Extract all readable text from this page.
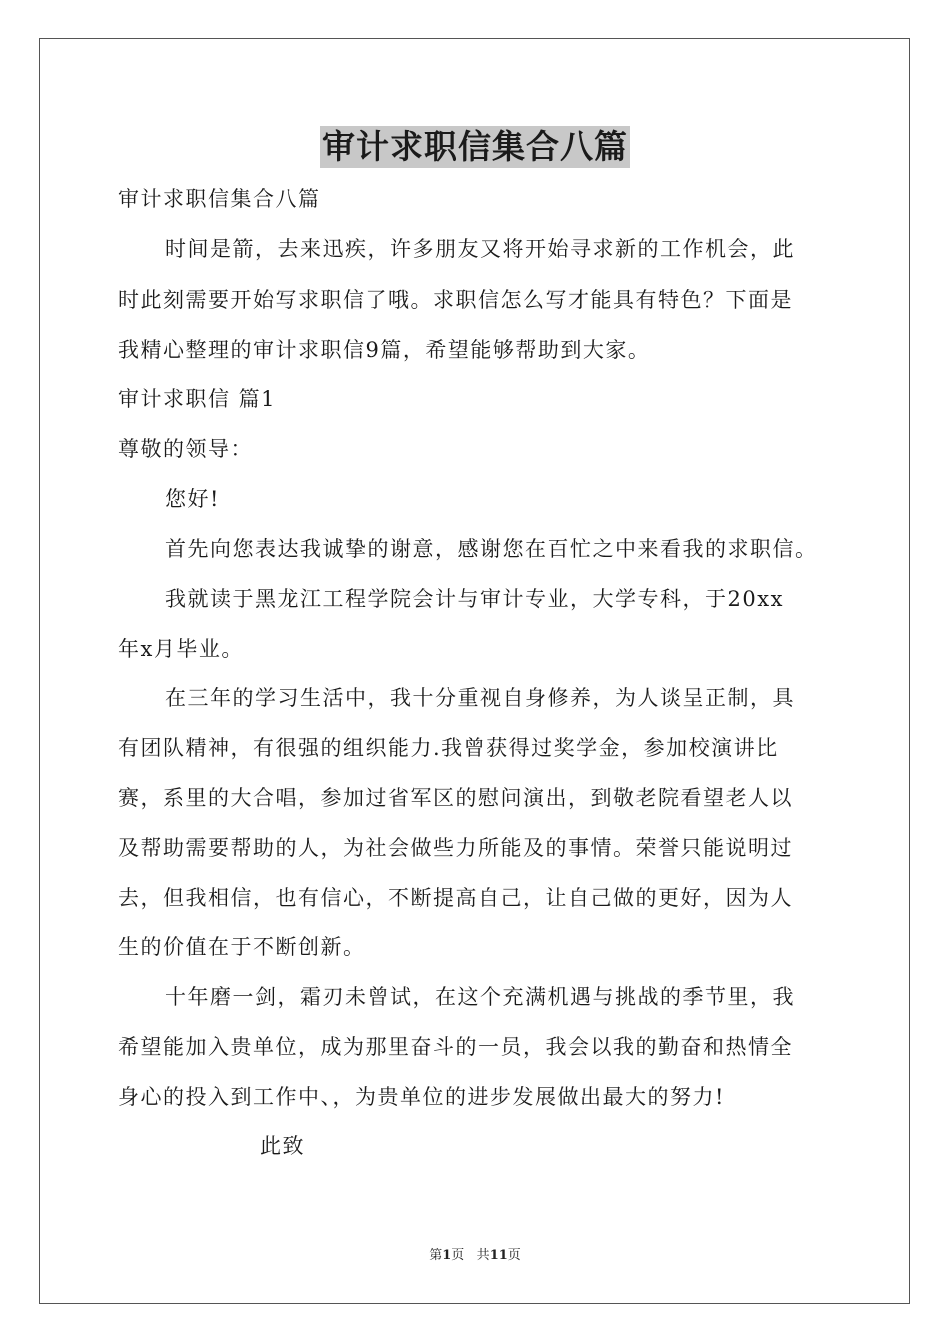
审计求职信集合八篇
审计求职信集合八篇
时间是箭，去来迅疾，许多朋友又将开始寻求新的工作机会，此
时此刻需要开始写求职信了哦。求职信怎么写才能具有特色？下面是
我精心整理的审计求职信9篇，希望能够帮助到大家。
审计求职信 篇1
尊敬的领导：
您好!
首先向您表达我诚挚的谢意，感谢您在百忙之中来看我的求职信。
我就读于黑龙江工程学院会计与审计专业，大学专科，于20xx
年x月毕业。
在三年的学习生活中，我十分重视自身修养，为人谈呈正制，具
有团队精神，有很强的组织能力.我曾获得过奖学金，参加校演讲比
赛，系里的大合唱，参加过省军区的慰问演出，到敬老院看望老人以
及帮助需要帮助的人，为社会做些力所能及的事情。荣誉只能说明过
去，但我相信，也有信心，不断提高自己，让自己做的更好，因为人
生的价值在于不断创新。
十年磨一剑，霜刃未曾试，在这个充满机遇与挑战的季节里，我
希望能加入贵单位，成为那里奋斗的一员，我会以我的勤奋和热情全
身心的投入到工作中、，为贵单位的进步发展做出最大的努力!
此致
第1页 共11页
